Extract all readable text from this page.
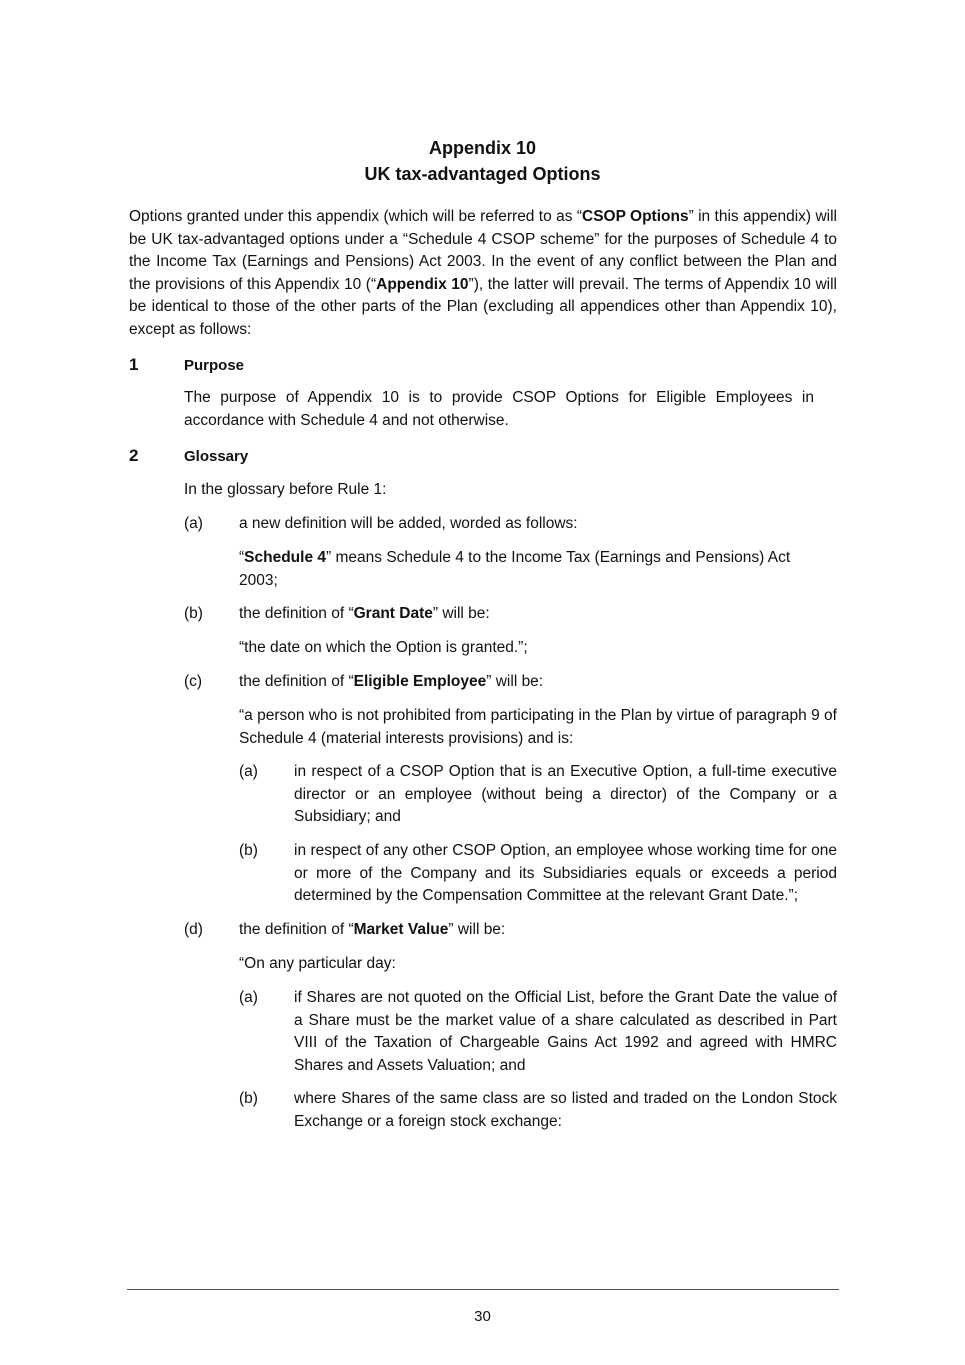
Appendix 10
UK tax-advantaged Options
Options granted under this appendix (which will be referred to as “CSOP Options” in this appendix) will be UK tax-advantaged options under a “Schedule 4 CSOP scheme” for the purposes of Schedule 4 to the Income Tax (Earnings and Pensions) Act 2003. In the event of any conflict between the Plan and the provisions of this Appendix 10 (“Appendix 10”), the latter will prevail. The terms of Appendix 10 will be identical to those of the other parts of the Plan (excluding all appendices other than Appendix 10), except as follows:
1	Purpose
The purpose of Appendix 10 is to provide CSOP Options for Eligible Employees in accordance with Schedule 4 and not otherwise.
2	Glossary
In the glossary before Rule 1:
(a) a new definition will be added, worded as follows:
“Schedule 4” means Schedule 4 to the Income Tax (Earnings and Pensions) Act 2003;
(b) the definition of “Grant Date” will be:
“the date on which the Option is granted.”;
(c) the definition of “Eligible Employee” will be:
“a person who is not prohibited from participating in the Plan by virtue of paragraph 9 of Schedule 4 (material interests provisions) and is:
(a) in respect of a CSOP Option that is an Executive Option, a full-time executive director or an employee (without being a director) of the Company or a Subsidiary; and
(b) in respect of any other CSOP Option, an employee whose working time for one or more of the Company and its Subsidiaries equals or exceeds a period determined by the Compensation Committee at the relevant Grant Date.”;
(d) the definition of “Market Value” will be:
“On any particular day:
(a) if Shares are not quoted on the Official List, before the Grant Date the value of a Share must be the market value of a share calculated as described in Part VIII of the Taxation of Chargeable Gains Act 1992 and agreed with HMRC Shares and Assets Valuation; and
(b) where Shares of the same class are so listed and traded on the London Stock Exchange or a foreign stock exchange:
30
